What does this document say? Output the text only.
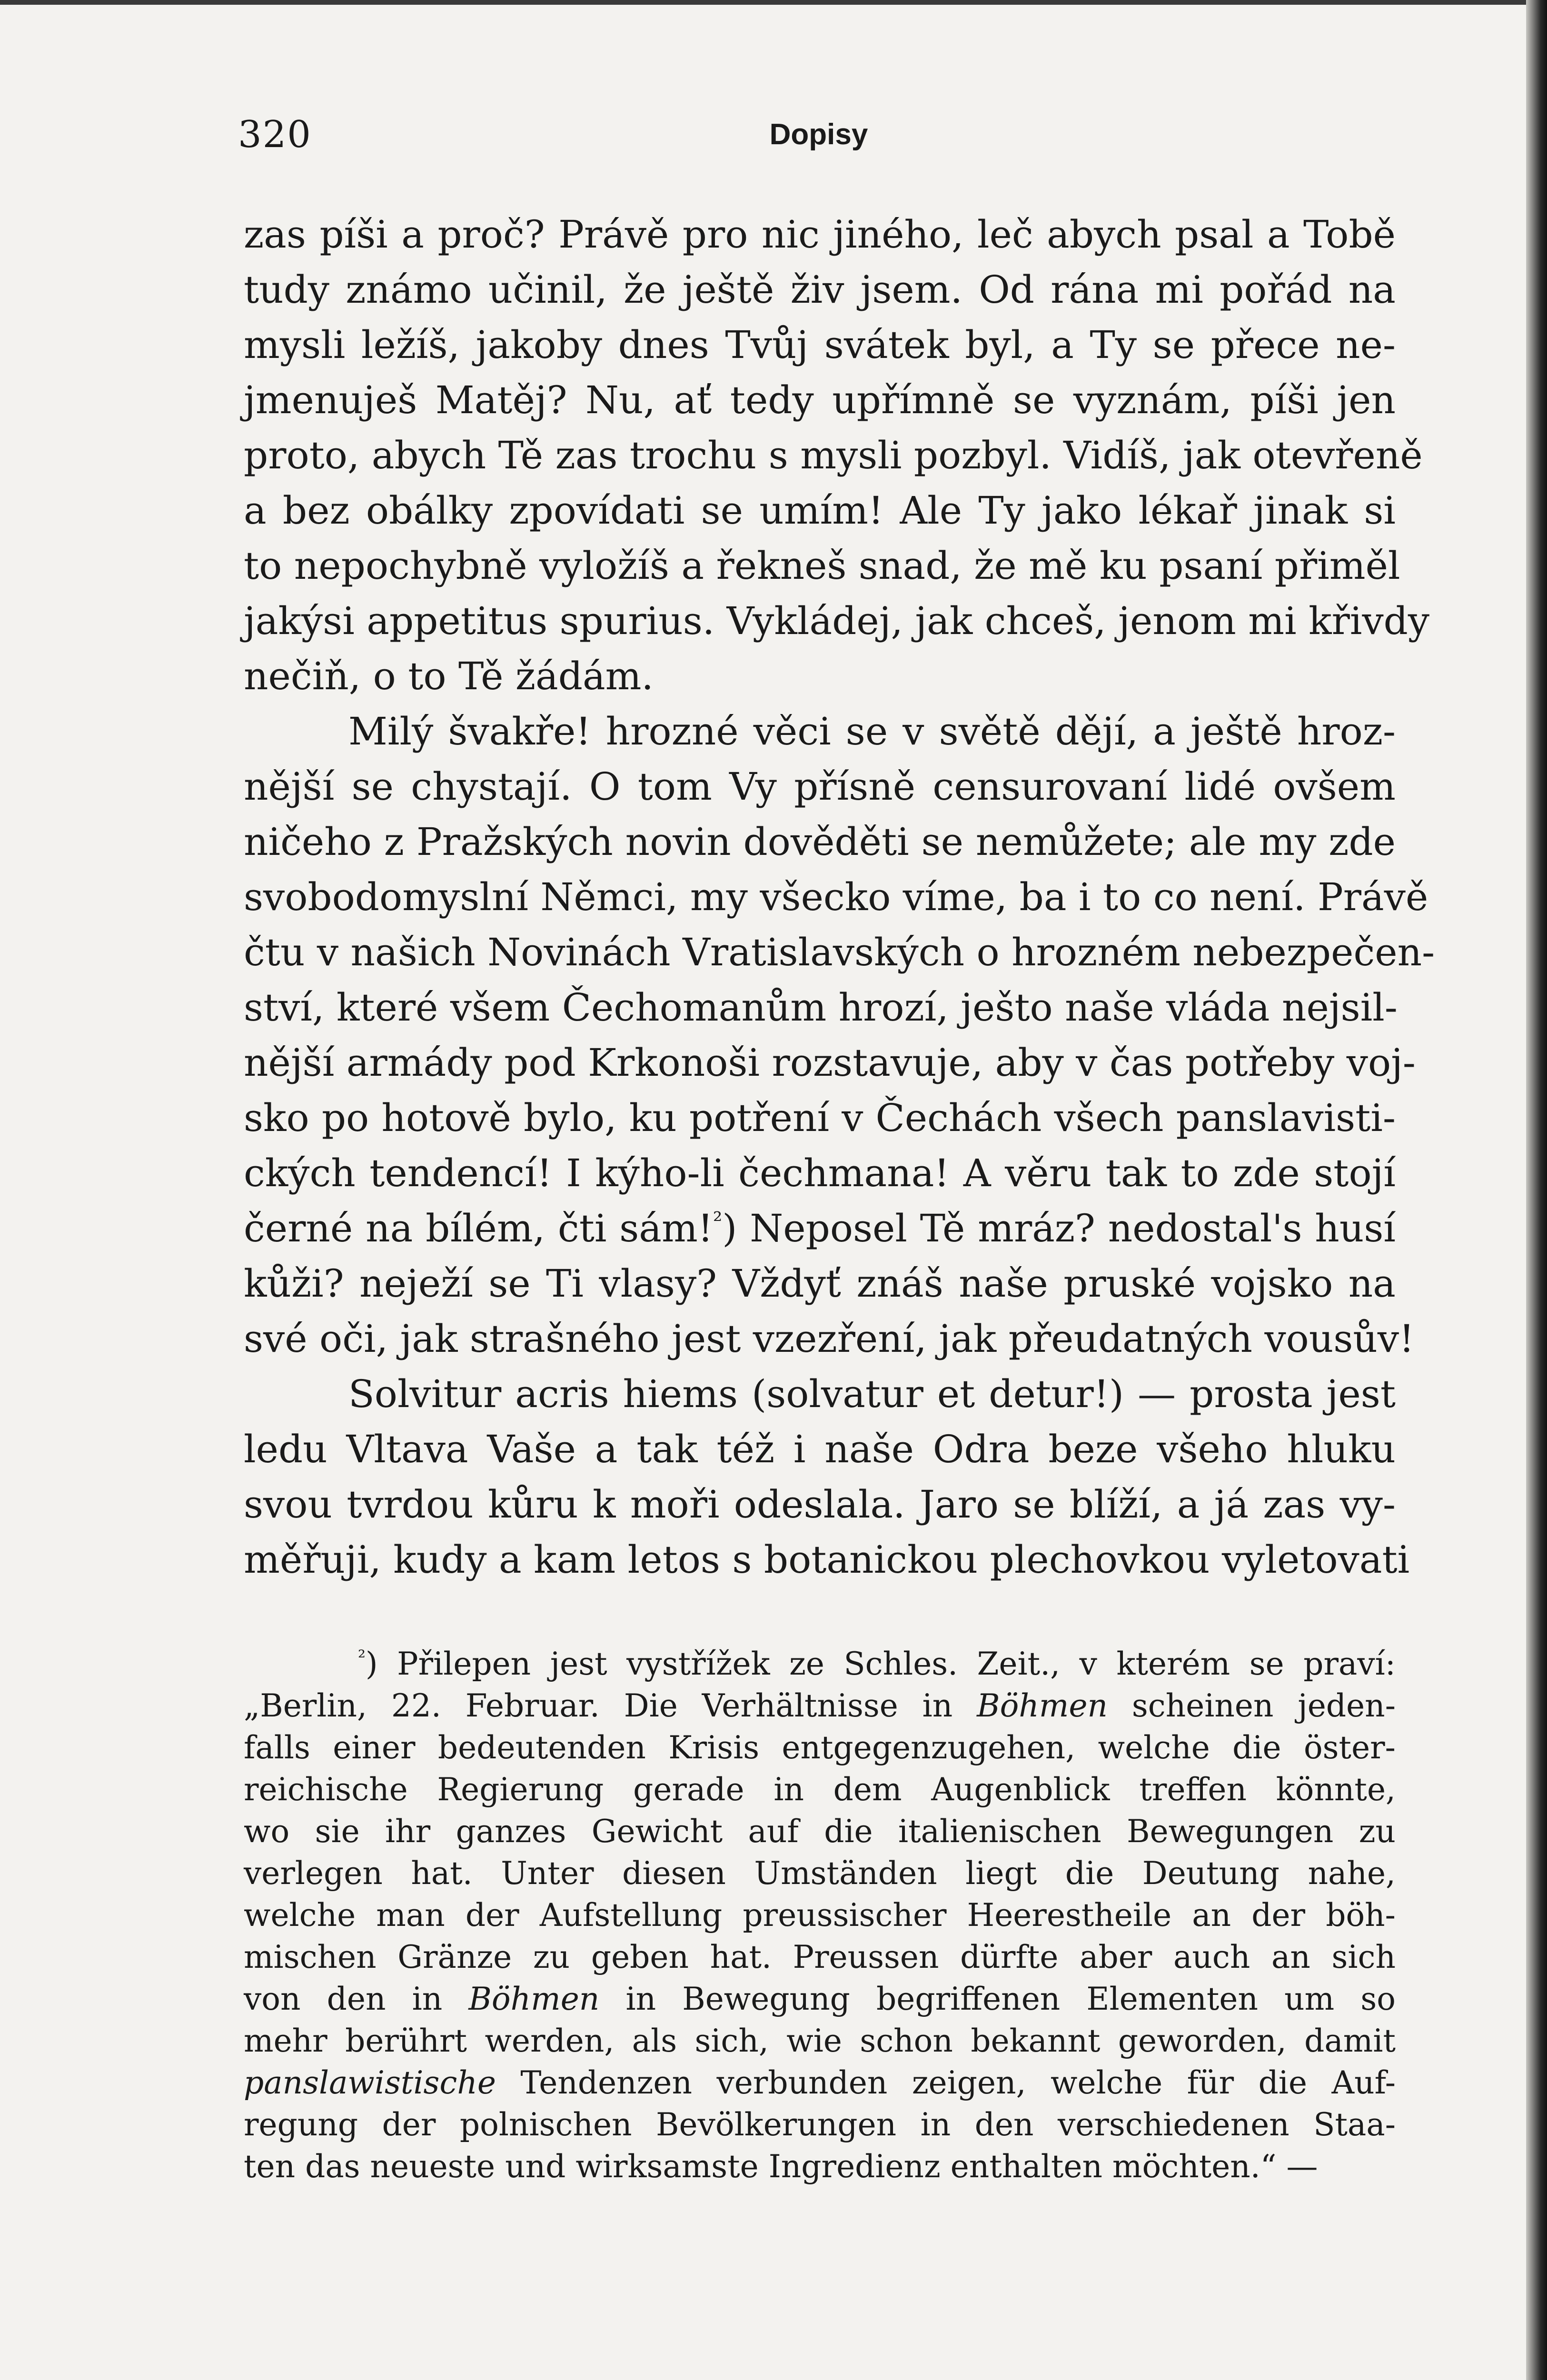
320	Dopisy
zas píši a proč? Právě pro nic jiného, leč abych psal a Tobě
tudy známo učinil, že ještě živ jsem. Od rána mi pořád na
mysli ležíš, jakoby dnes Tvůj svátek byl, a Ty se přece ne-
jmenuješ Matěj? Nu, ať tedy upřímně se vyznám, píši jen
proto, abych Tě zas trochu s mysli pozbyl. Vidíš, jak otevřeně
a bez obálky zpovídati se umím! Ale Ty jako lékař jinak si
to nepochybně vyložíš a řekneš snad, že mě ku psaní přiměl
jakýsi appetitus spurius. Vykládej, jak chceš, jenom mi křivdy
nečiň, o to Tě žádám.
Milý švakře! hrozné věci se v světě dějí, a ještě hroz-
nější se chystají. O tom Vy přísně censurovaní lidé ovšem
ničeho z Pražských novin dověděti se nemůžete; ale my zde
svobodomyslní Němci, my všecko víme, ba i to co není. Právě
čtu v našich Novinách Vratislavských o hrozném nebezpečen-
ství, které všem Čechomanům hrozí, ješto naše vláda nejsil-
nější armády pod Krkonoši rozstavuje, aby v čas potřeby voj-
sko po hotově bylo, ku potření v Čechách všech panslavisti-
ckých tendencí! I kýho-li čechmana! A věru tak to zde stojí
černé na bílém, čti sám!$^{^2}$) Neposel Tě mráz? nedostal's husí
kůži? neježí se Ti vlasy? Vždyť znáš naše pruské vojsko na
své oči, jak strašného jest vzezření, jak přeudatných vousův!
Solvitur acris hiems (solvatur et detur!) — prosta jest
ledu Vltava Vaše a tak též i naše Odra beze všeho hluku
svou tvrdou kůru k moři odeslala. Jaro se blíží, a já zas vy-
měřuji, kudy a kam letos s botanickou plechovkou vyletovati
$^{^2}$) Přilepen jest vystřížek ze Schles. Zeit., v kterém se praví:
„Berlin, 22. Februar. Die Verhältnisse in Böhmen scheinen jeden-
falls einer bedeutenden Krisis entgegenzugehen, welche die öster-
reichische Regierung gerade in dem Augenblick treffen könnte,
wo sie ihr ganzes Gewicht auf die italienischen Bewegungen zu
verlegen hat. Unter diesen Umständen liegt die Deutung nahe,
welche man der Aufstellung preussischer Heerestheile an der böh-
mischen Gränze zu geben hat. Preussen dürfte aber auch an sich
von den in Böhmen in Bewegung begriffenen Elementen um so
mehr berührt werden, als sich, wie schon bekannt geworden, damit
panslawistische Tendenzen verbunden zeigen, welche für die Auf-
regung der polnischen Bevölkerungen in den verschiedenen Staa-
ten das neueste und wirksamste Ingredienz enthalten möchten.“ —
